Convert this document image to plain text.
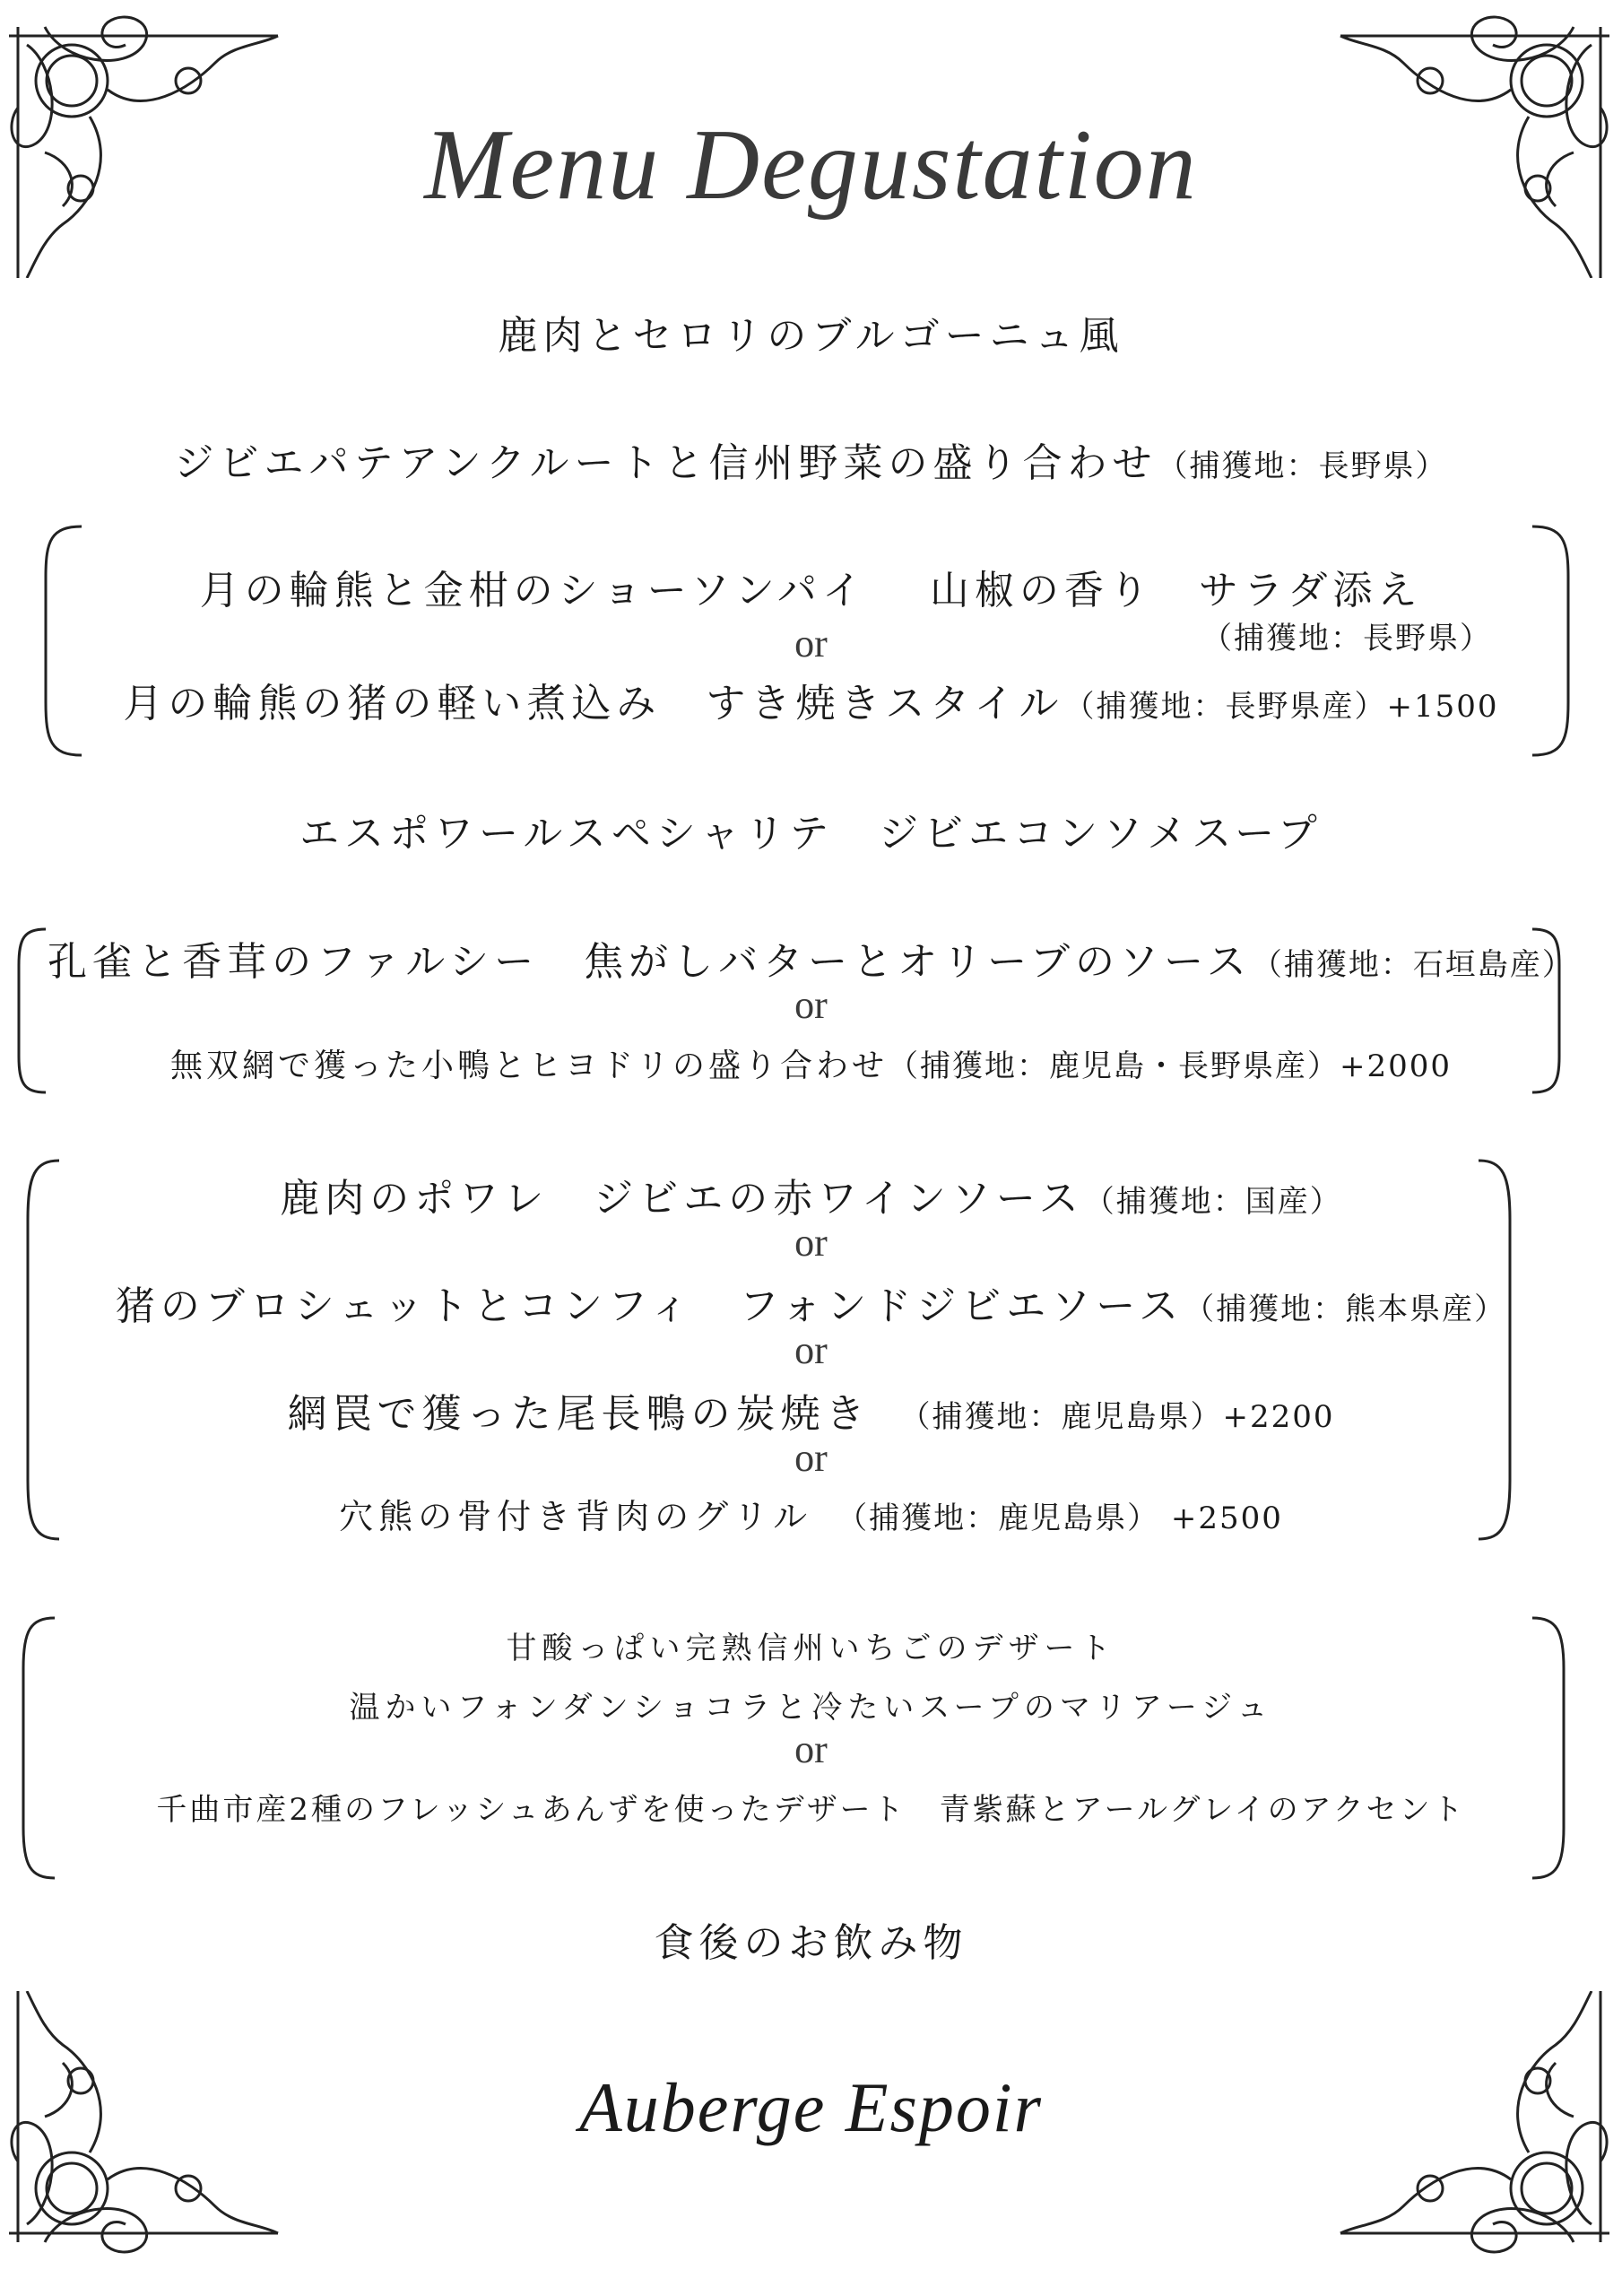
Menu Degustation
鹿肉とセロリのブルゴーニュ風
ジビエパテアンクルートと信州野菜の盛り合わせ（捕獲地：長野県）
月の輪熊と金柑のショーソンパイ　 山椒の香り　サラダ添え
（捕獲地：長野県）
or
月の輪熊の猪の軽い煮込み　すき焼きスタイル（捕獲地：長野県産）+1500
エスポワールスペシャリテ　ジビエコンソメスープ
孔雀と香茸のファルシー　焦がしバターとオリーブのソース（捕獲地：石垣島産）
or
無双網で獲った小鴨とヒヨドリの盛り合わせ（捕獲地：鹿児島・長野県産）+2000
鹿肉のポワレ　ジビエの赤ワインソース（捕獲地：国産）
or
猪のブロシェットとコンフィ　フォンドジビエソース（捕獲地：熊本県産）
or
網罠で獲った尾長鴨の炭焼き　（捕獲地：鹿児島県）+2200
or
穴熊の骨付き背肉のグリル　（捕獲地：鹿児島県） +2500
甘酸っぱい完熟信州いちごのデザート
温かいフォンダンショコラと冷たいスープのマリアージュ
or
千曲市産2種のフレッシュあんずを使ったデザート　青紫蘇とアールグレイのアクセント
食後のお飲み物
Auberge Espoir
